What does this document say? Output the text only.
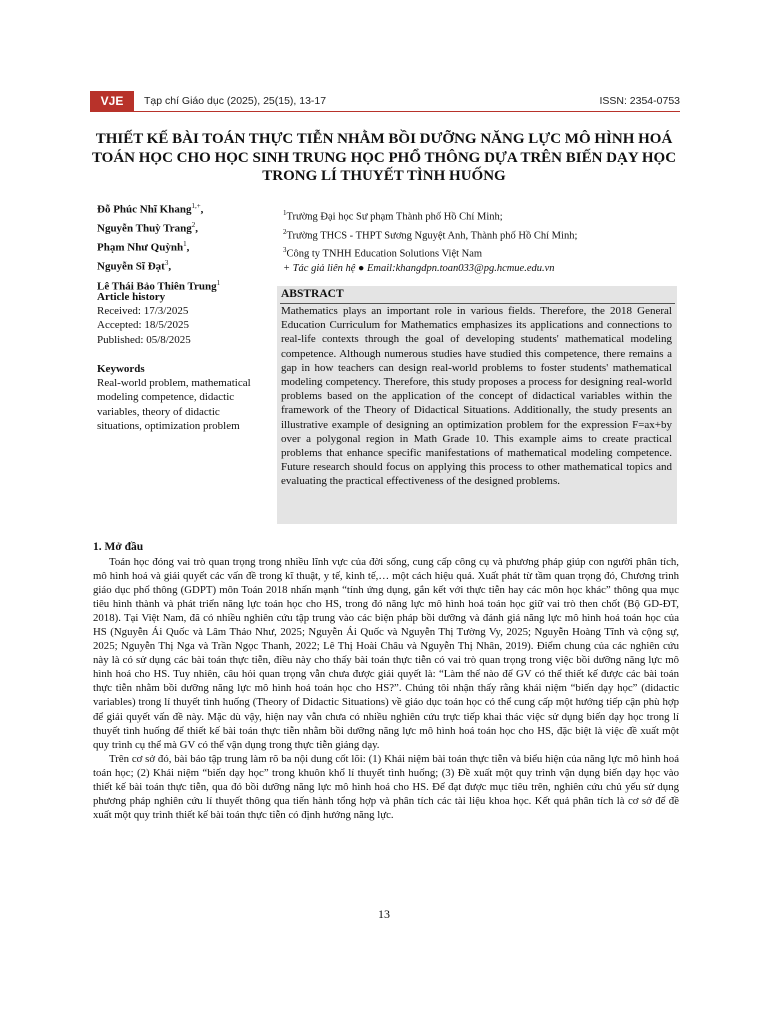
VJE	Tạp chí Giáo dục (2025), 25(15), 13-17	ISSN: 2354-0753
THIẾT KẾ BÀI TOÁN THỰC TIỄN NHẰM BỒI DƯỠNG NĂNG LỰC MÔ HÌNH HOÁ TOÁN HỌC CHO HỌC SINH TRUNG HỌC PHỔ THÔNG DỰA TRÊN BIẾN DẠY HỌC TRONG LÍ THUYẾT TÌNH HUỐNG
Đỗ Phúc Nhĩ Khang$^{1,+}$,
Nguyễn Thuỳ Trang$^2$,
Phạm Như Quỳnh$^1$,
Nguyễn Sĩ Đạt$^3$,
Lê Thái Bảo Thiên Trung$^1$
$^1$Trường Đại học Sư phạm Thành phố Hồ Chí Minh;
$^2$Trường THCS - THPT Sương Nguyệt Anh, Thành phố Hồ Chí Minh;
$^3$Công ty TNHH Education Solutions Việt Nam
+ Tác giả liên hệ ● Email:khangdpn.toan033@pg.hcmue.edu.vn
Article history
Received: 17/3/2025
Accepted: 18/5/2025
Published: 05/8/2025
Keywords
Real-world problem, mathematical modeling competence, didactic variables, theory of didactic situations, optimization problem
ABSTRACT
Mathematics plays an important role in various fields. Therefore, the 2018 General Education Curriculum for Mathematics emphasizes its applications and connections to real-life contexts through the goal of developing students' mathematical modeling competence. Although numerous studies have studied this competence, there remains a gap in how teachers can design real-world problems to foster students' mathematical modeling competency. Therefore, this study proposes a process for designing real-world problems based on the application of the concept of didactical variables within the framework of the Theory of Didactical Situations. Additionally, the study presents an illustrative example of designing an optimization problem for the expression F=ax+by over a polygonal region in Math Grade 10. This example aims to create practical problems that enhance specific manifestations of mathematical modeling competence. Future research should focus on applying this process to other mathematical topics and evaluating the practical effectiveness of the designed problems.
1. Mở đầu

Toán học đóng vai trò quan trọng trong nhiều lĩnh vực của đời sống, cung cấp công cụ và phương pháp giúp con người phân tích, mô hình hoá và giải quyết các vấn đề trong kĩ thuật, y tế, kinh tế,… một cách hiệu quả. Xuất phát từ tầm quan trọng đó, Chương trình giáo dục phổ thông (GDPT) môn Toán 2018 nhấn mạnh “tính ứng dụng, gắn kết với thực tiễn hay các môn học khác” thông qua mục tiêu hình thành và phát triển năng lực toán học cho HS, trong đó năng lực mô hình hoá toán học giữ vai trò then chốt (Bộ GD-ĐT, 2018). Tại Việt Nam, đã có nhiều nghiên cứu tập trung vào các biện pháp bồi dưỡng và đánh giá năng lực mô hình hoá toán học của HS (Nguyễn Ái Quốc và Lâm Thảo Như, 2025; Nguyễn Ái Quốc và Nguyễn Thị Tường Vy, 2025; Nguyễn Hoàng Tĩnh và cộng sự, 2025; Nguyễn Thị Nga và Trần Ngọc Thanh, 2022; Lê Thị Hoài Châu và Nguyễn Thị Nhân, 2019). Điểm chung của các nghiên cứu này là có sử dụng các bài toán thực tiễn, điều này cho thấy bài toán thực tiễn có vai trò quan trọng trong việc bồi dưỡng năng lực mô hình hoá cho HS. Tuy nhiên, câu hỏi quan trọng vẫn chưa được giải quyết là: “Làm thế nào để GV có thể thiết kế được các bài toán thực tiễn nhằm bồi dưỡng năng lực mô hình hoá toán học cho HS?”. Chúng tôi nhận thấy rằng khái niệm “biến dạy học” (didactic variables) trong lí thuyết tình huống (Theory of Didactic Situations) về giáo dục toán học có thể cung cấp một hướng tiếp cận phù hợp để giải quyết vấn đề này. Mặc dù vậy, hiện nay vẫn chưa có nhiều nghiên cứu trực tiếp khai thác việc sử dụng biến dạy học trong lí thuyết tình huống để thiết kế bài toán thực tiễn nhằm bồi dưỡng năng lực mô hình hoá toán học cho HS, đặc biệt là việc đề xuất một quy trình cụ thể mà GV có thể vận dụng trong thực tiễn giảng dạy.

Trên cơ sở đó, bài báo tập trung làm rõ ba nội dung cốt lõi: (1) Khái niệm bài toán thực tiễn và biểu hiện của năng lực mô hình hoá toán học; (2) Khái niệm “biến dạy học” trong khuôn khổ lí thuyết tình huống; (3) Đề xuất một quy trình vận dụng biến dạy học vào thiết kế bài toán thực tiễn, qua đó bồi dưỡng năng lực mô hình hoá cho HS. Để đạt được mục tiêu trên, nghiên cứu chủ yếu sử dụng phương pháp nghiên cứu lí thuyết thông qua tiến hành tổng hợp và phân tích các tài liệu khoa học. Kết quả phân tích là cơ sở để đề xuất một quy trình thiết kế bài toán thực tiễn có định hướng năng lực.

13
